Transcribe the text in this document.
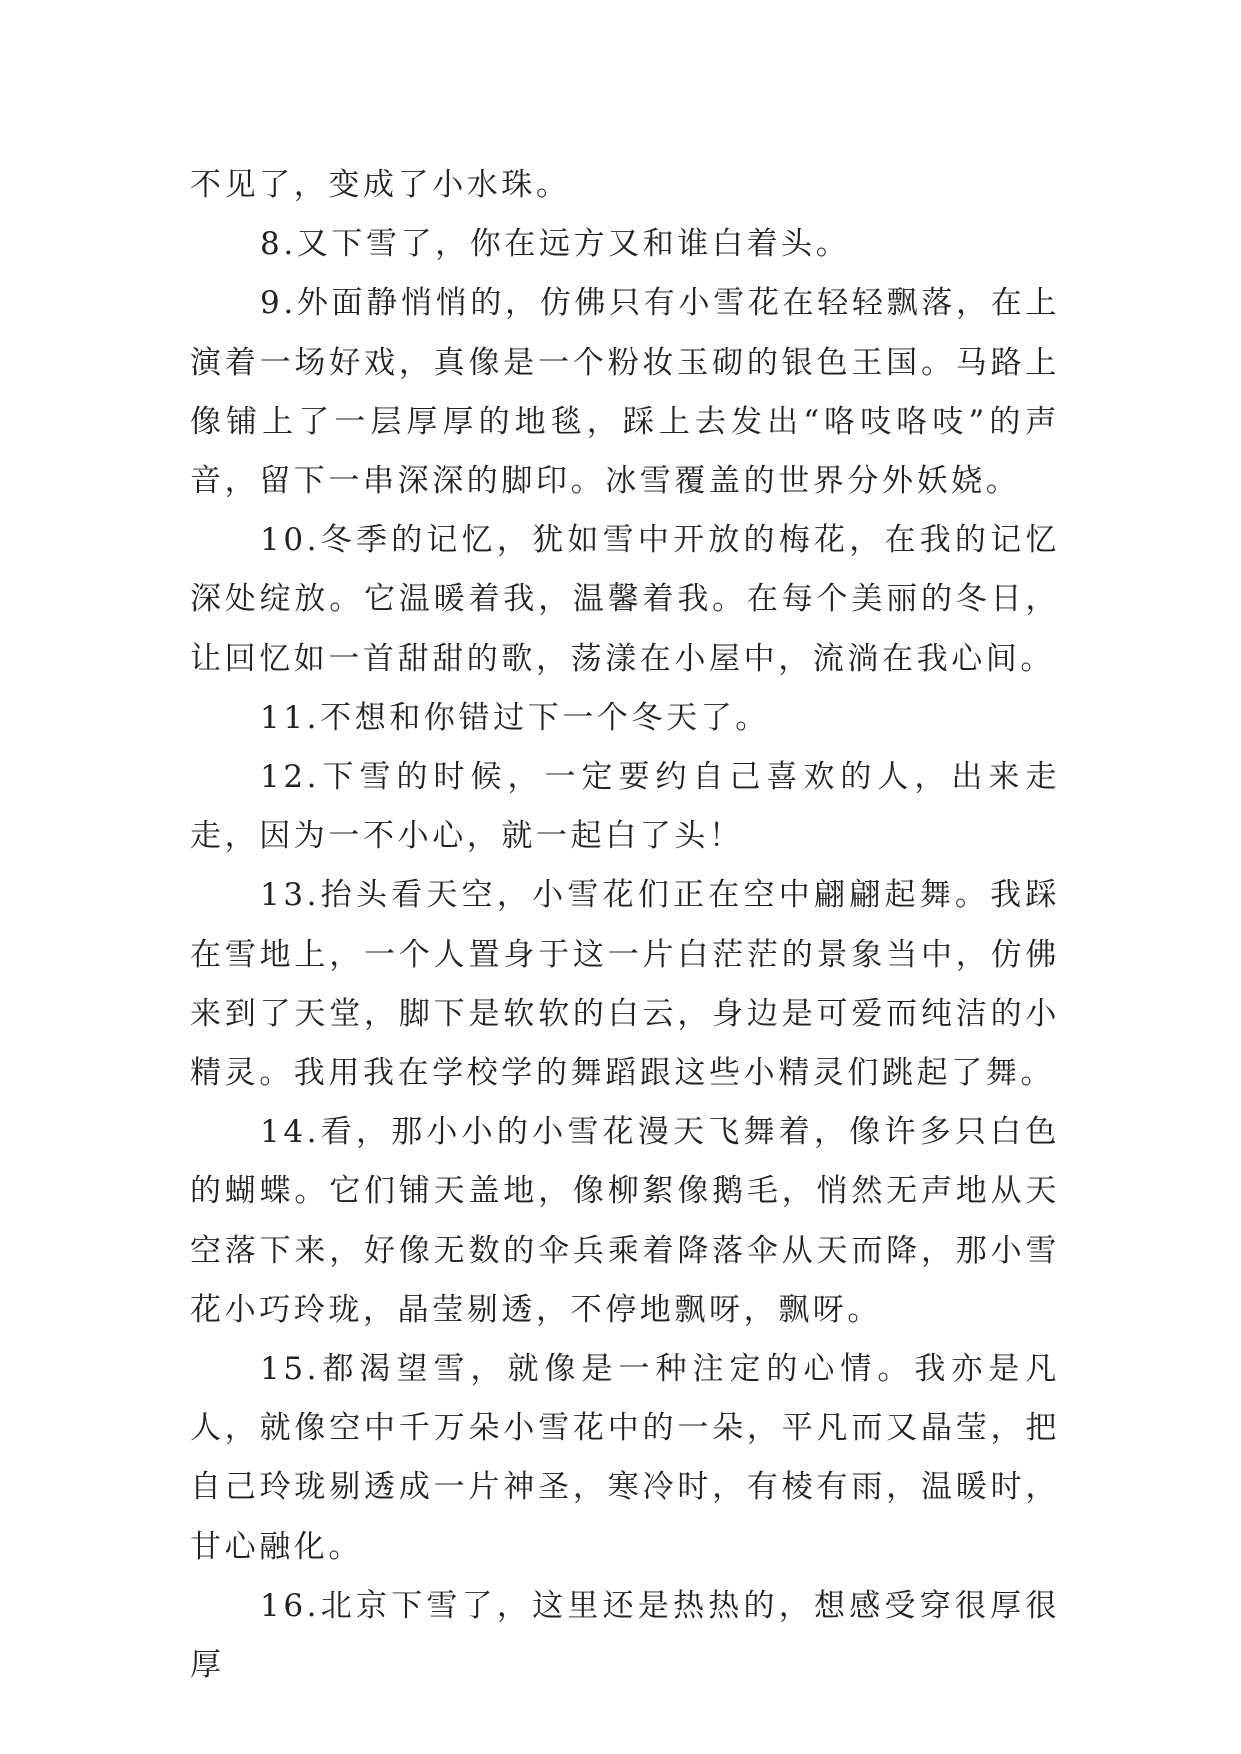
不见了，变成了小水珠。

8.又下雪了，你在远方又和谁白着头。

9.外面静悄悄的，仿佛只有小雪花在轻轻飘落，在上演着一场好戏，真像是一个粉妆玉砌的银色王国。马路上像铺上了一层厚厚的地毯，踩上去发出“咯吱咯吱”的声音，留下一串深深的脚印。冰雪覆盖的世界分外妖娆。

10.冬季的记忆，犹如雪中开放的梅花，在我的记忆深处绽放。它温暖着我，温馨着我。在每个美丽的冬日，让回忆如一首甜甜的歌，荡漾在小屋中，流淌在我心间。

11.不想和你错过下一个冬天了。

12.下雪的时候，一定要约自己喜欢的人，出来走走，因为一不小心，就一起白了头！

13.抬头看天空，小雪花们正在空中翩翩起舞。我踩在雪地上，一个人置身于这一片白茫茫的景象当中，仿佛来到了天堂，脚下是软软的白云，身边是可爱而纯洁的小精灵。我用我在学校学的舞蹈跟这些小精灵们跳起了舞。

14.看，那小小的小雪花漫天飞舞着，像许多只白色的蝴蝶。它们铺天盖地，像柳絮像鹅毛，悄然无声地从天空落下来，好像无数的伞兵乘着降落伞从天而降，那小雪花小巧玲珑，晶莹剔透，不停地飘呀，飘呀。

15.都渴望雪，就像是一种注定的心情。我亦是凡人，就像空中千万朵小雪花中的一朵，平凡而又晶莹，把自己玲珑剔透成一片神圣，寒冷时，有棱有雨，温暖时，甘心融化。

16.北京下雪了，这里还是热热的，想感受穿很厚很厚
